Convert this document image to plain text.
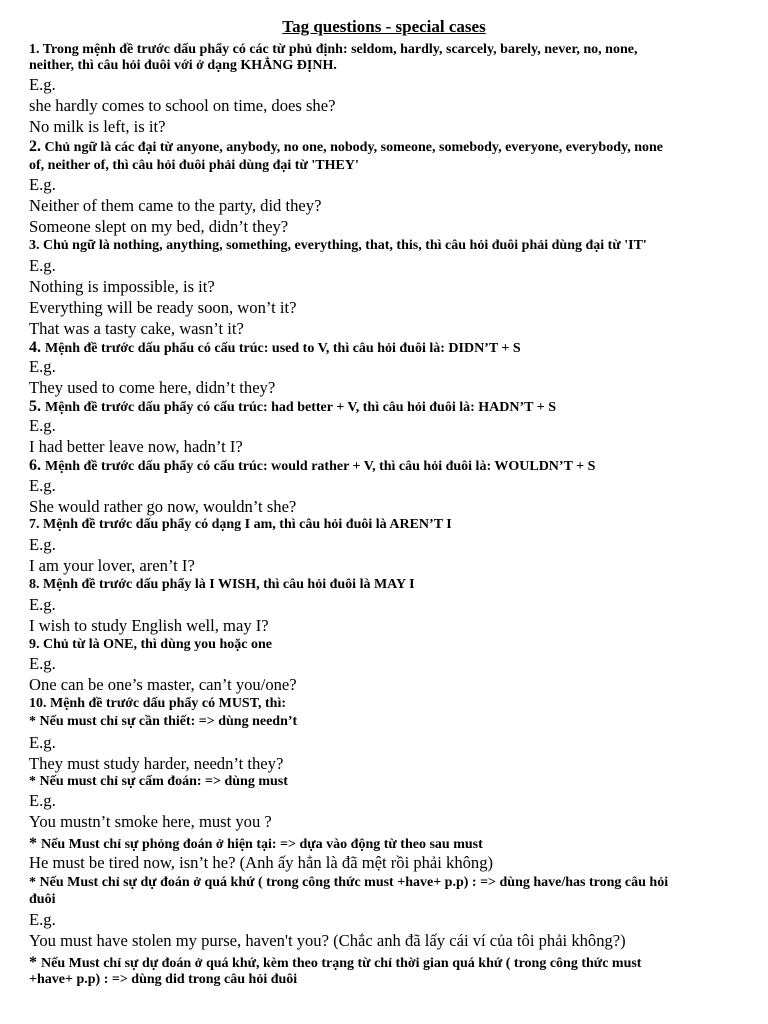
Tag questions - special cases
1. Trong mệnh đề trước dấu phẩy có các từ phủ định: seldom, hardly, scarcely, barely, never, no, none,
neither, thì câu hỏi đuôi với ở dạng KHẲNG ĐỊNH.
E.g.
she hardly comes to school on time, does she?
No milk is left, is it?
2. Chủ ngữ là các đại từ anyone, anybody, no one, nobody, someone, somebody, everyone, everybody, none
of, neither of, thì câu hỏi đuôi phải dùng đại từ 'THEY'
E.g.
Neither of them came to the party, did they?
Someone slept on my bed, didn’t they?
3. Chủ ngữ là nothing, anything, something, everything, that, this, thì câu hỏi đuôi phải dùng đại từ 'IT'
E.g.
Nothing is impossible, is it?
Everything will be ready soon, won’t it?
That was a tasty cake, wasn’t it?
4. Mệnh đề trước dấu phẩu có cấu trúc: used to V, thì câu hỏi đuôi là: DIDN’T + S
E.g.
They used to come here, didn’t they?
5. Mệnh đề trước dấu phẩy có cấu trúc: had better + V, thì câu hỏi đuôi là: HADN’T + S
E.g.
I had better leave now, hadn’t I?
6. Mệnh đề trước dấu phẩy có cấu trúc: would rather + V, thì câu hỏi đuôi là: WOULDN’T + S
E.g.
She would rather go now, wouldn’t she?
7. Mệnh đề trước dấu phẩy có dạng I am, thì câu hỏi đuôi là AREN’T I
E.g.
I am your lover, aren’t I?
8. Mệnh đề trước dấu phẩy là I WISH, thì câu hỏi đuôi là MAY I
E.g.
I wish to study English well, may I?
9. Chủ từ là ONE, thì dùng you hoặc one
E.g.
One can be one’s master, can’t you/one?
10. Mệnh đề trước dấu phẩy có MUST, thì:
* Nếu must chỉ sự cần thiết: => dùng needn’t
E.g.
They must study harder, needn’t they?
* Nếu must chỉ sự cấm đoán: => dùng must
E.g.
You mustn’t smoke here, must you ?
* Nếu Must chỉ sự phỏng đoán ở hiện tại: => dựa vào động từ theo sau must
He must be tired now, isn’t he? (Anh ấy hẳn là đã mệt rồi phải không)
* Nếu Must chỉ sự dự đoán ở quá khứ ( trong công thức must +have+ p.p) : => dùng have/has trong câu hỏi
đuôi
E.g.
You must have stolen my purse, haven't you? (Chắc anh đã lấy cái ví của tôi phải không?)
* Nếu Must chỉ sự dự đoán ở quá khứ, kèm theo trạng từ chỉ thời gian quá khứ ( trong công thức must
+have+ p.p) : => dùng did trong câu hỏi đuôi
